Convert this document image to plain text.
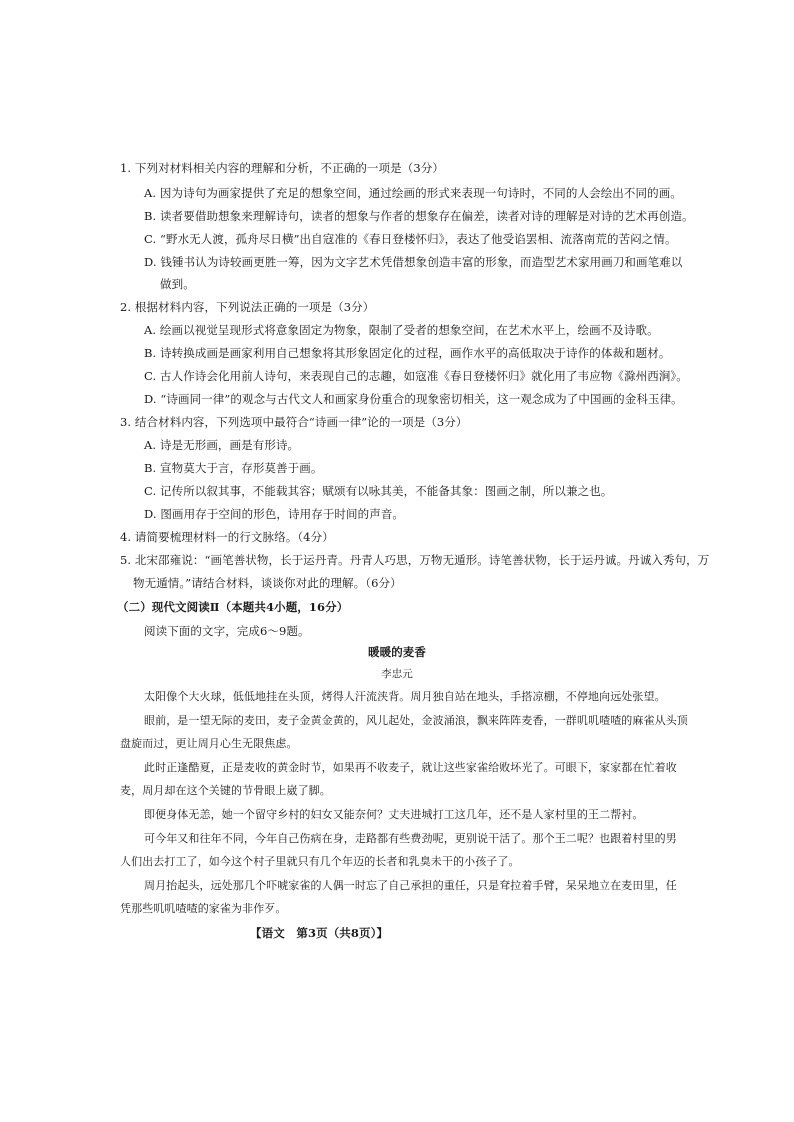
1. 下列对材料相关内容的理解和分析，不正确的一项是（3分）
A. 因为诗句为画家提供了充足的想象空间，通过绘画的形式来表现一句诗时，不同的人会绘出不同的画。
B. 读者要借助想象来理解诗句，读者的想象与作者的想象存在偏差，读者对诗的理解是对诗的艺术再创造。
C. “野水无人渡，孤舟尽日横”出自寇准的《春日登楼怀归》，表达了他受谄罢相、流落南荒的苦闷之情。
D. 钱锺书认为诗较画更胜一筹，因为文字艺术凭借想象创造丰富的形象，而造型艺术家用画刀和画笔难以
做到。
2. 根据材料内容，下列说法正确的一项是（3分）
A. 绘画以视觉呈现形式将意象固定为物象，限制了受者的想象空间，在艺术水平上，绘画不及诗歌。
B. 诗转换成画是画家利用自己想象将其形象固定化的过程，画作水平的高低取决于诗作的体裁和题材。
C. 古人作诗会化用前人诗句，来表现自己的志趣，如寇准《春日登楼怀归》就化用了韦应物《滁州西涧》。
D. “诗画同一律”的观念与古代文人和画家身份重合的现象密切相关，这一观念成为了中国画的金科玉律。
3. 结合材料内容，下列选项中最符合“诗画一律”论的一项是（3分）
A. 诗是无形画，画是有形诗。
B. 宣物莫大于言，存形莫善于画。
C. 记传所以叙其事，不能载其容；赋颂有以咏其美，不能备其象：图画之制，所以兼之也。
D. 图画用存于空间的形色，诗用存于时间的声音。
4. 请简要梳理材料一的行文脉络。（4分）
5. 北宋邵雍说：“画笔善状物，长于运丹青。丹青人巧思，万物无遁形。诗笔善状物，长于运丹诚。丹诚入秀句，万
物无遁情。”请结合材料，谈谈你对此的理解。（6分）
（二）现代文阅读Ⅱ（本题共4小题，16分）
阅读下面的文字，完成6～9题。
暖暖的麦香
李忠元
太阳像个大火球，低低地挂在头顶，烤得人汗流浃背。周月独自站在地头，手搭凉棚，不停地向远处张望。
眼前，是一望无际的麦田，麦子金黄金黄的，风儿起处，金波涌浪，飘来阵阵麦香，一群叽叽喳喳的麻雀从头顶
盘旋而过，更让周月心生无限焦虑。
此时正逢酷夏，正是麦收的黄金时节，如果再不收麦子，就让这些家雀给败坏光了。可眼下，家家都在忙着收
麦，周月却在这个关键的节骨眼上崴了脚。
即便身体无恙，她一个留守乡村的妇女又能奈何？丈夫进城打工这几年，还不是人家村里的王二帮衬。
可今年又和往年不同，今年自己伤病在身，走路都有些费劲呢，更别说干活了。那个王二呢？也跟着村里的男
人们出去打工了，如今这个村子里就只有几个年迈的长者和乳臭未干的小孩子了。
周月抬起头，远处那几个吓唬家雀的人偶一时忘了自己承担的重任，只是耷拉着手臂，呆呆地立在麦田里，任
凭那些叽叽喳喳的家雀为非作歹。
【语文　第3页（共8页）】
